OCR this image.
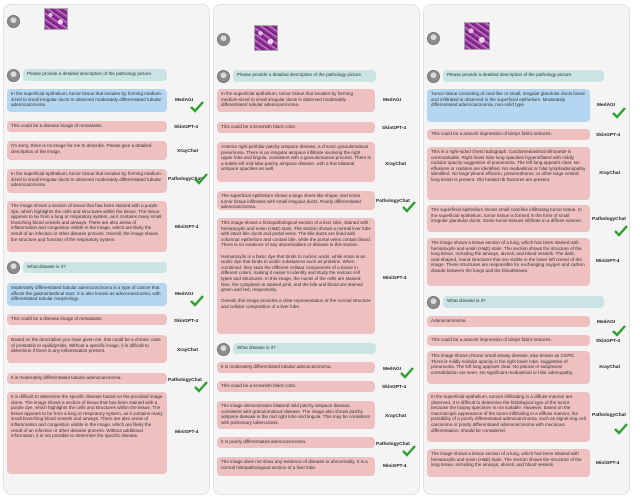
Please provide a detailed description of the pathology picture.
In the superficial epithelium, tumor tissue that invades by forming medium-sized to small irregular ducts is observed moderately differentiated tubular adenocarcinoma.
MedAGI
This could be a disease image of metastasis.	SkinGPT-4
I'm sorry, there is no image for me to describe. Please give a detailed description of the image.	XrayChat
In the superficial epithelium, tumor tissue that invades by forming medium-sized to small irregular ducts is observed moderately differentiated tubular adenocarcinoma.
PathologyChat
The image shows a section of tissue that has been stained with a purple dye, which highlights the cells and structures within the tissue. The tissue appears to be from a lung or respiratory system, as it contains many small branching blood vessels and airways. There are also areas of inflammation and congestion visible in the image, which are likely the result of an infection or other disease process. Overall, the image shows the structure and function of the respiratory system.
MiniGPT-4
What disease is it?
Moderately differentiated tubular adenocarcinoma is a type of cancer that affects the gastrointestinal tract. It is also known as adenocarcinoma, with differentiated tubular morphology.
MedAGI
This could be a disease image of metastasis.
SkinGPT-4
Based on the description you have given me, this could be a chronic case of prostatitis or epididymitis. Without a specific image, it is difficult to determine if there is any inflammation present.	XrayChat
It is moderately differentiated tubular adenocarcinoma.
PathologyChat
It is difficult to determine the specific disease based on the provided image alone. The image shows a section of tissue that has been stained with a purple dye, which highlights the cells and structures within the tissue. The tissue appears to be from a lung or respiratory system, as it contains many small branching blood vessels and airways. There are also areas of inflammation and congestion visible in the image, which are likely the result of an infection or other disease process. Without additional information, it is not possible to determine the specific disease.
MiniGPT-4
Please provide a detailed description of the pathology picture.
In the superficial epithelium, tumor tissue that invades by forming medium-sized to small irregular ducts is observed moderately differentiated tubular adenocarcinoma.
MedAGI
This could be a brownish black color.	SkinGPT-4
Anterior right perihilar patchy airspace disease, a chronic granulomatous pneumonia. There is an irregular airspace infiltrate involving the right upper lobe and lingula, consistent with a granulomatous process. There is a subtle left mid-lobe patchy airspace disease, with a few bilateral airspace opacities as well.
XrayChat
The superficial epithelium shows a large sheet-like shape, and some tumor tissue infiltrates with small irregular ducts. Poorly differentiated adenocarcinoma.
PathologyChat
This image shows a histopathological section of a liver lobe, stained with hematoxylin and eosin (H&E) stain. The section shows a normal liver lobe with intact bile ducts and portal veins. The bile ducts are lined with columnar epithelium and contain bile, while the portal veins contain blood. There is no evidence of any abnormalities or disease in this section.

Hematoxylin is a basic dye that binds to nucleic acids, while eosin is an acidic dye that binds to acidic substances such as proteins. When combined, they stain the different cellular components of a tissue in different colors, making it easier to identify and study the various cell types and structures. In this image, the nuclei of the cells are stained blue, the cytoplasm is stained pink, and the bile and blood are stained green and red, respectively.

Overall, this image provides a clear representation of the normal structure and cellular composition of a liver lobe.
MiniGPT-4
What disease is it?
It is moderately differentiated tubular adenocarcinoma.
MedAGI
This could be a brownish black color.	SkinGPT-4
The image demonstrates bilateral mild patchy airspace disease, consistent with granulomatous disease. The image also shows patchy airspace disease in the mid right lobe and lingula. This may be consistent with pulmonary tuberculosis.
XrayChat
It is poorly differentiated adenocarcinoma.
PathologyChat
The image does not show any evidence of disease or abnormality. It is a normal histopathological section of a liver lobe.	MiniGPT-4
Please provide a detailed description of the pathology picture.
Tumor tissue consisting of cord-like or small, irregular glandular ducts fused and infiltrated is observed in the superficial epithelium. Moderately differentiated adenocarcinoma, non-solid type	MedAGI
This could be a artwork impression of biotys fabric textures.	SkinGPT-4
This is a right-sided chest radiograph. Cardiomediastinal silhouette is unremarkable. Right lower lobe lung opacities hyperinflated with mildly nodular opacity suggestive of pneumonia. The left lung appears clear. No effusions or nodules are identified. No mediastinal or hilar lymphadenopathy identified. No large pleural effusion, pneumothorax, or other large central lung lesion is present. Old healed rib fractures are present.
XrayChat
The superficial epithelium shows small cord-like infiltrating tumor tissue. In the superficial epithelium, tumor tissue is formed in the form of small irregular glandular ducts. Some tumor tissues infiltrate in a diffuse manner.	PathologyChat
The image shows a tissue section of a lung, which has been stained with hematoxylin and eosin (H&E) stain. The section shows the structure of the lung tissue, including the airways, alveoli, and blood vessels. The dark, oval-shaped, round structures that are visible in the lower left corner of the image. These structures are responsible for exchanging oxygen and carbon dioxide between the lungs and the bloodstream.
MiniGPT-4
What disease is it?
Adenocarcinoma.	MedAGI
This could be a artwork impression of biotys fabric textures.	SkinGPT-4
This image shows chronic small airway disease, also known as COPD. There is mildly nodular opacity in the right lower lobe, suggestive of pneumonia. The left lung appears clear. No pleural or subpleural consolidation are seen. No significant mediastinal or hilar adenopathy.
XrayChat
In the superficial epithelium, tumors infiltrating in a diffuse manner are observed. It is difficult to determine the histological type of the tumor because the biopsy specimen is not suitable. However, based on the macroscopic appearance of the tumor infiltrating in a diffuse manner, the possibility of a poorly differentiated adenocarcinoma, such as signet ring cell carcinoma or poorly differentiated adenocarcinoma with mucinous differentiation, should be considered.
PathologyChat
The image shows a tissue section of a lung, which has been stained with hematoxylin and eosin (H&E) stain. The section shows the structure of the lung tissue, including the airways, alveoli, and blood vessels.	MiniGPT-4
